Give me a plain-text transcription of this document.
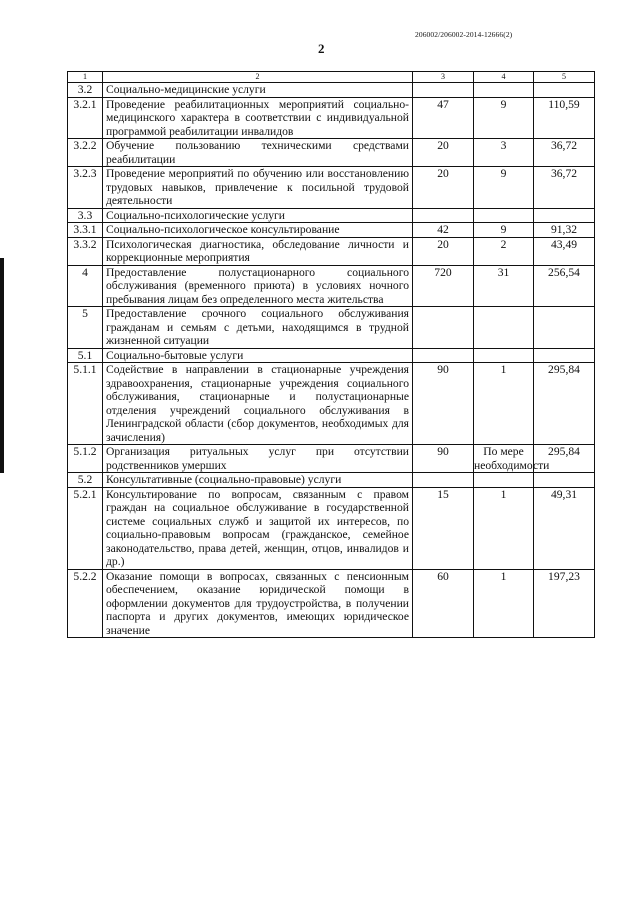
206002/206002-2014-12666(2)
2
1	2	3	4	5
3.2	Социально-медицинские услуги			
3.2.1	Проведение реабилитационных мероприятий социально-медицинского характера в соответствии с индивидуальной программой реабилитации инвалидов	47	9	110,59
3.2.2	Обучение пользованию техническими средствами реабилитации	20	3	36,72
3.2.3	Проведение мероприятий по обучению или восстановлению трудовых навыков, привлечение к посильной трудовой деятельности	20	9	36,72
3.3	Социально-психологические услуги			
3.3.1	Социально-психологическое консультирование	42	9	91,32
3.3.2	Психологическая диагностика, обследование личности и коррекционные мероприятия	20	2	43,49
4	Предоставление полустационарного социального обслуживания (временного приюта) в условиях ночного пребывания лицам без определенного места жительства	720	31	256,54
5	Предоставление срочного социального обслуживания гражданам и семьям с детьми, находящимся в трудной жизненной ситуации			
5.1	Социально-бытовые услуги			
5.1.1	Содействие в направлении в стационарные учреждения здравоохранения, стационарные учреждения социального обслуживания, стационарные и полустационарные отделения учреждений социального обслуживания в Ленинградской области (сбор документов, необходимых для зачисления)	90	1	295,84
5.1.2	Организация ритуальных услуг при отсутствии родственников умерших	90	По мере необходимости	295,84
5.2	Консультативные (социально-правовые) услуги			
5.2.1	Консультирование по вопросам, связанным с правом граждан на социальное обслуживание в государственной системе социальных служб и защитой их интересов, по социально-правовым вопросам (гражданское, семейное законодательство, права детей, женщин, отцов, инвалидов и др.)	15	1	49,31
5.2.2	Оказание помощи в вопросах, связанных с пенсионным обеспечением, оказание юридической помощи в оформлении документов для трудоустройства, в получении паспорта и других документов, имеющих юридическое значение	60	1	197,23
